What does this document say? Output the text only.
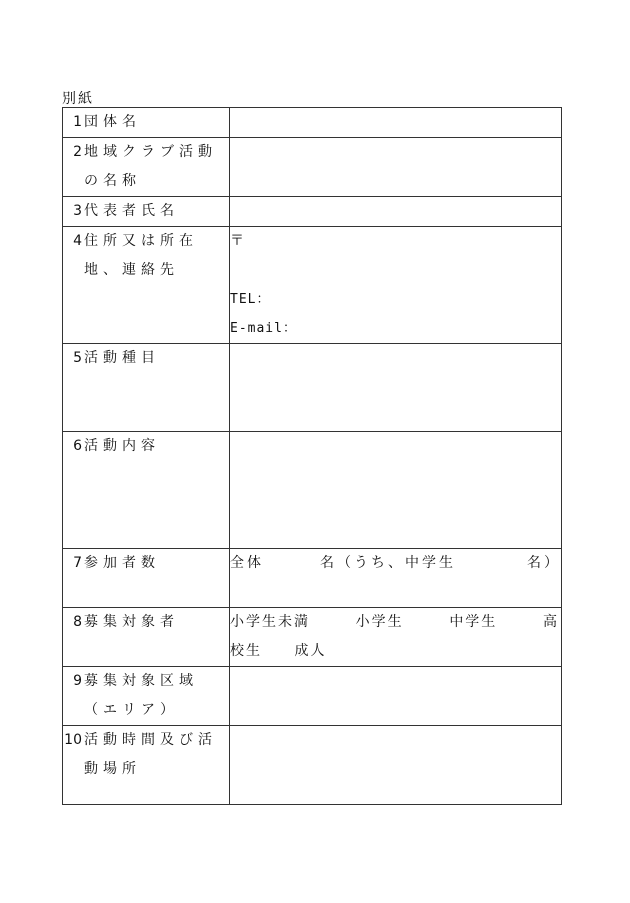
別紙
1	団体名	
2	地域クラブ活動の名称	
3	代表者氏名	
4	住所又は所在地、連絡先	〒
TEL：
E-mail：

5	活動種目	
6	活動内容	
7	参加者数	全体 名（うち、中学生 名）

8	募集対象者	小学生未満 小学生 中学生 高
校生 成人

9	募集対象区域（エリア）	
10	活動時間及び活動場所	
